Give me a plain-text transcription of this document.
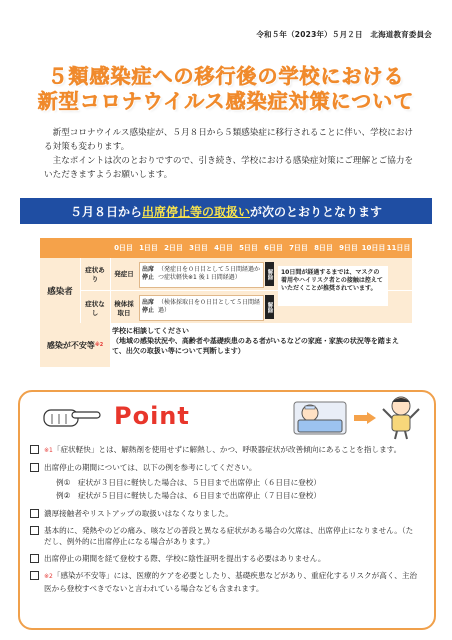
令和５年（2023年）５月２日　北海道教育委員会
５類感染症への移行後の学校における
新型コロナウイルス感染症対策について
　新型コロナウイルス感染症が、５月８日から５類感染症に移行されることに伴い、学校における対策も変わります。
　主なポイントは次のとおりですので、引き続き、学校における感染症対策にご理解とご協力をいただきますようお願いします。
５月８日から 出席停止等の取扱い が次のとおりとなります
0日目 1日目 2日目 3日目 4日目 5日目 6日目 7日目 8日目 9日目 10日目 11日目
感染者
症状あり
症状なし
発症日
検体採取日
出席停止
（発症日を０日目として５日間経過かつ症状軽快※1 後１日間経過）
出席停止
（検体採取日を０日目として５日間経過）
解除
解除
10日間が経過するまでは、マスクの着用やハイリスク者との接触は控えていただくことが推奨されています。
感染が不安等 ※2
学校に相談してください
（地域の感染状況や、高齢者や基礎疾患のある者がいるなどの家庭・家族の状況等を踏まえて、出欠の取扱い等について判断します）
Point
※1「症状軽快」とは、解熱剤を使用せずに解熱し、かつ、呼吸器症状が改善傾向にあることを指します。
出席停止の期間については、以下の例を参考にしてください。
例①　症状が３日目に軽快した場合は、５日目まで出席停止（６日目に登校）
例②　症状が５日目に軽快した場合は、６日目まで出席停止（７日目に登校）
濃厚接触者やリストアップの取扱いはなくなりました。
基本的に、発熱やのどの痛み、咳などの普段と異なる症状がある場合の欠席は、出席停止になりません。（ただし、例外的に出席停止になる場合があります。）
出席停止の期間を経て登校する際、学校に陰性証明を提出する必要はありません。
※2「感染が不安等」には、医療的ケアを必要としたり、基礎疾患などがあり、重症化するリスクが高く、主治医から登校すべきでないと言われている場合なども含まれます。
